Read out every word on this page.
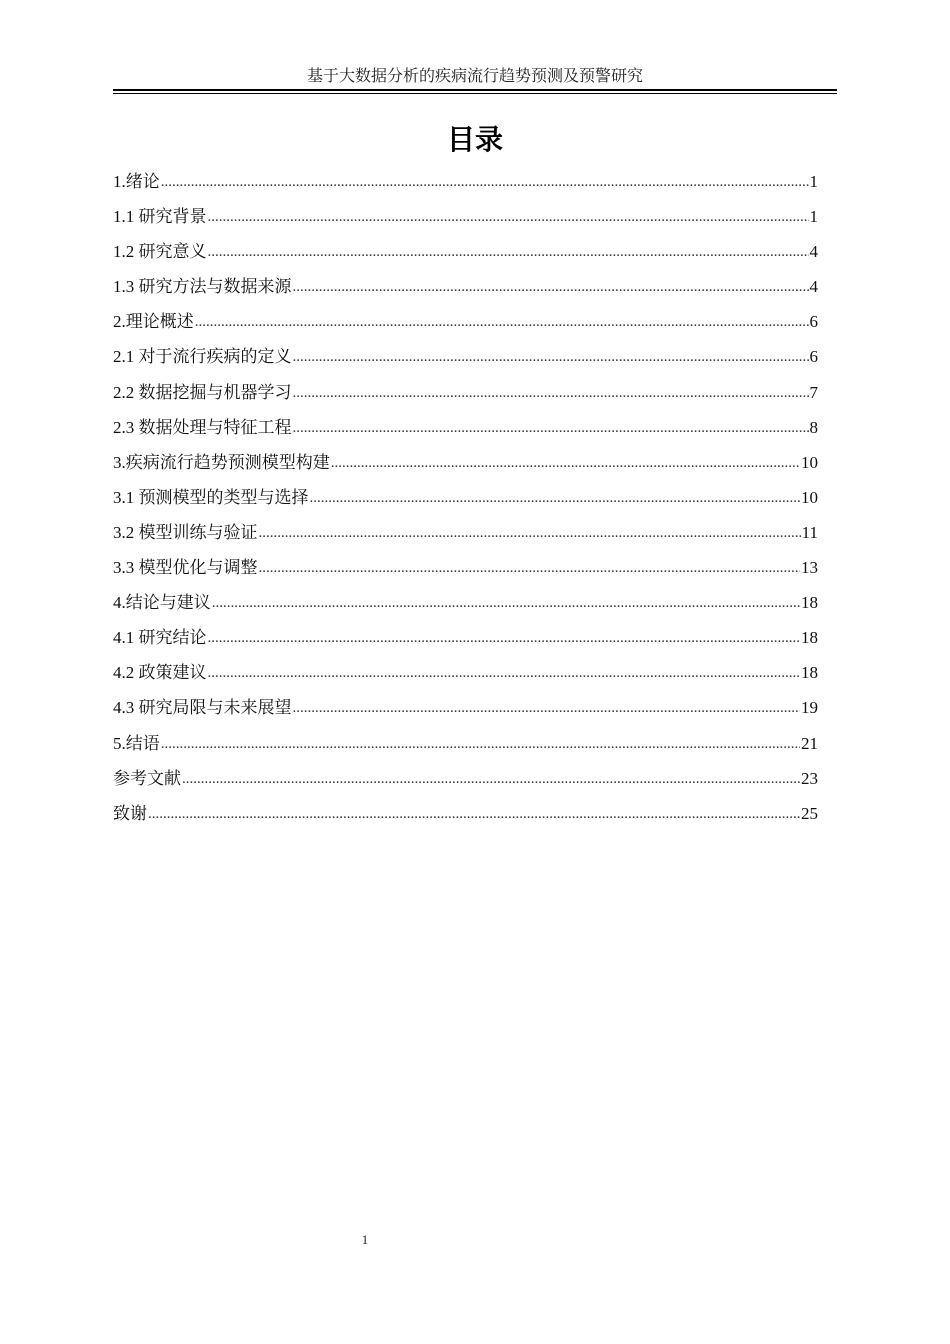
基于大数据分析的疾病流行趋势预测及预警研究
目录
1.绪论 .....	1
1.1 研究背景 .....	1
1.2 研究意义 .....	4
1.3 研究方法与数据来源 .....	4
2.理论概述 .....	6
2.1 对于流行疾病的定义 .....	6
2.2 数据挖掘与机器学习 .....	7
2.3 数据处理与特征工程 .....	8
3.疾病流行趋势预测模型构建 .....	10
3.1 预测模型的类型与选择 .....	10
3.2 模型训练与验证 .....	11
3.3 模型优化与调整 .....	13
4.结论与建议 .....	18
4.1 研究结论 .....	18
4.2 政策建议 .....	18
4.3 研究局限与未来展望 .....	19
5.结语 .....	21
参考文献 .....	23
致谢 .....	25
1
